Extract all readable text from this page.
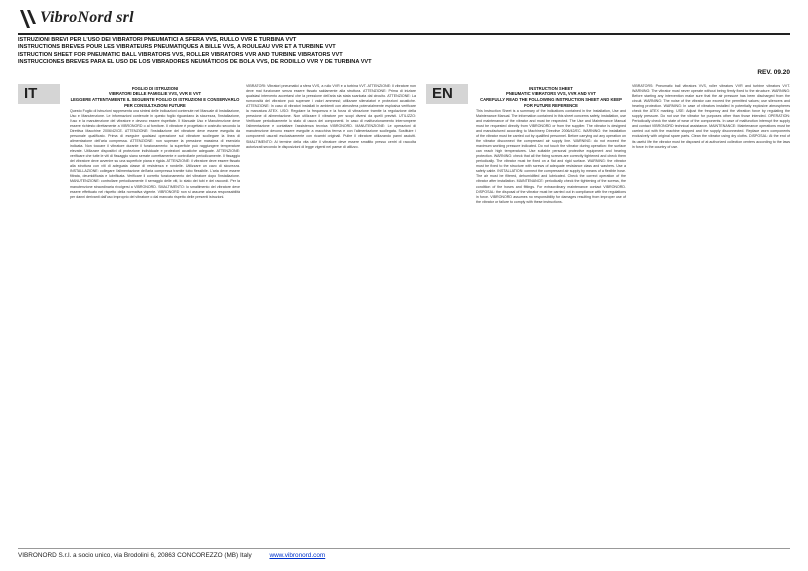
VibroNord srl
ISTRUZIONI BREVI PER L'USO DEI VIBRATORI PNEUMATICI A SFERA VVS, RULLO VVR E TURBINA VVT
INSTRUCTIONS BREVES POUR LES VIBRATEURS PNEUMATIQUES A BILLE VVS, A ROULEAU VVR ET A TURBINE VVT
ISTRUCTION SHEET FOR PNEUMATIC BALL VIBRATORS VVS, ROLLER VIBRATORS VVR AND TURBINE VIBRATORS VVT
INSTRUCCIONES BREVES PARA EL USO DE LOS VIBRADORES NEUMÁTICOS DE BOLA VVS, DE RODILLO VVR Y DE TURBINA VVT
REV. 09.20
IT	FOGLIO DI ISTRUZIONI
VIBRATORI DELLE FAMIGLIE VVS, VVR E VVT
LEGGERE ATTENTAMENTE IL SEGUENTE FOGLIO DI ISTRUZIONI E CONSERVARLO PER CONSULTAZIONI FUTURE
Questo Foglio di Istruzioni rappresenta una sintesi delle indicazioni contenute nel Manuale di Installazione, Uso e Manutenzione. Le informazioni contenute in questo foglio riguardano la sicurezza, l'installazione, l'uso e la manutenzione del vibratore e devono essere rispettate. Il Manuale Uso e Manutenzione deve essere richiesto direttamente a VIBRONORD o al fornitore. Il vibratore è progettato e costruito secondo la Direttiva Macchine 2006/42/CE. ATTENZIONE: l'installazione del vibratore deve essere eseguita da personale qualificato. Prima di eseguire qualsiasi operazione sul vibratore scollegare la linea di alimentazione dell'aria compressa. ATTENZIONE: non superare la pressione massima di esercizio indicata. Non toccare il vibratore durante il funzionamento: la superficie può raggiungere temperature elevate. Utilizzare dispositivi di protezione individuale e protezioni acustiche adeguate. ATTENZIONE: verificare che tutte le viti di fissaggio siano serrate correttamente e controllarle periodicamente. Il fissaggio del vibratore deve avvenire su una superficie piana e rigida. ATTENZIONE: il vibratore deve essere fissato alla struttura con viti di adeguata classe di resistenza e rondelle. Utilizzare un cavo di sicurezza. INSTALLAZIONE: collegare l'alimentazione dell'aria compressa tramite tubo flessibile. L'aria deve essere filtrata, deumidificata e lubrificata. Verificare il corretto funzionamento del vibratore dopo l'installazione. MANUTENZIONE: controllare periodicamente il serraggio delle viti, lo stato dei tubi e dei raccordi. Per la manutenzione straordinaria rivolgersi a VIBRONORD. SMALTIMENTO: lo smaltimento del vibratore deve essere effettuato nel rispetto della normativa vigente. VIBRONORD non si assume alcuna responsabilità per danni derivanti dall'uso improprio del vibratore o dal mancato rispetto delle presenti istruzioni.
VIBRATORI: Vibratori pneumatici a sfera VVS, a rullo VVR e a turbina VVT. ATTENZIONE: Il vibratore non deve mai funzionare senza essere fissato saldamente alla struttura. ATTENZIONE: Prima di iniziare qualsiasi intervento accertarsi che la pressione dell'aria sia stata scaricata dal circuito. ATTENZIONE: La rumorosità del vibratore può superare i valori ammessi; utilizzare silenziatori e protezioni acustiche. ATTENZIONE: In caso di vibratori installati in ambienti con atmosfera potenzialmente esplosiva verificare la marcatura ATEX. USO: Regolare la frequenza e la forza di vibrazione tramite la regolazione della pressione di alimentazione. Non utilizzare il vibratore per scopi diversi da quelli previsti. UTILIZZO: Verificare periodicamente lo stato di usura dei componenti. In caso di malfunzionamento interrompere l'alimentazione e contattare l'assistenza tecnica VIBRONORD. MANUTENZIONE: Le operazioni di manutenzione devono essere eseguite a macchina ferma e con l'alimentazione scollegata. Sostituire i componenti usurati esclusivamente con ricambi originali. Pulire il vibratore utilizzando panni asciutti. SMALTIMENTO: Al termine della vita utile il vibratore deve essere smaltito presso centri di raccolta autorizzati secondo le disposizioni di legge vigenti nel paese di utilizzo.
EN	INSTRUCTION SHEET
PNEUMATIC VIBRATORS VVS, VVR AND VVT
CAREFULLY READ THE FOLLOWING INSTRUCTION SHEET AND KEEP FOR FUTURE REFERENCE
This Instruction Sheet is a summary of the indications contained in the Installation, Use and Maintenance Manual. The information contained in this sheet concerns safety, installation, use and maintenance of the vibrator and must be respected. The Use and Maintenance Manual must be requested directly from VIBRONORD or from the supplier. The vibrator is designed and manufactured according to Machinery Directive 2006/42/EC. WARNING: the installation of the vibrator must be carried out by qualified personnel. Before carrying out any operation on the vibrator disconnect the compressed air supply line. WARNING: do not exceed the maximum working pressure indicated. Do not touch the vibrator during operation: the surface can reach high temperatures. Use suitable personal protective equipment and hearing protection. WARNING: check that all the fixing screws are correctly tightened and check them periodically. The vibrator must be fixed on a flat and rigid surface. WARNING: the vibrator must be fixed to the structure with screws of adequate resistance class and washers. Use a safety cable. INSTALLATION: connect the compressed air supply by means of a flexible hose. The air must be filtered, dehumidified and lubricated. Check the correct operation of the vibrator after installation. MAINTENANCE: periodically check the tightening of the screws, the condition of the hoses and fittings. For extraordinary maintenance contact VIBRONORD. DISPOSAL: the disposal of the vibrator must be carried out in compliance with the regulations in force. VIBRONORD assumes no responsibility for damages resulting from improper use of the vibrator or failure to comply with these instructions.
VIBRATORS: Pneumatic ball vibrators VVS, roller vibrators VVR and turbine vibrators VVT. WARNING: The vibrator must never operate without being firmly fixed to the structure. WARNING: Before starting any intervention make sure that the air pressure has been discharged from the circuit. WARNING: The noise of the vibrator can exceed the permitted values; use silencers and hearing protection. WARNING: In case of vibrators installed in potentially explosive atmospheres check the ATEX marking. USE: Adjust the frequency and the vibration force by regulating the supply pressure. Do not use the vibrator for purposes other than those intended. OPERATION: Periodically check the state of wear of the components. In case of malfunction interrupt the supply and contact VIBRONORD technical assistance. MAINTENANCE: Maintenance operations must be carried out with the machine stopped and the supply disconnected. Replace worn components exclusively with original spare parts. Clean the vibrator using dry cloths. DISPOSAL: At the end of its useful life the vibrator must be disposed of at authorized collection centers according to the laws in force in the country of use.
VIBRONORD S.r.l. a socio unico, via Brodolini 6, 20863 CONCOREZZO (MB) Italy	www.vibronord.com
